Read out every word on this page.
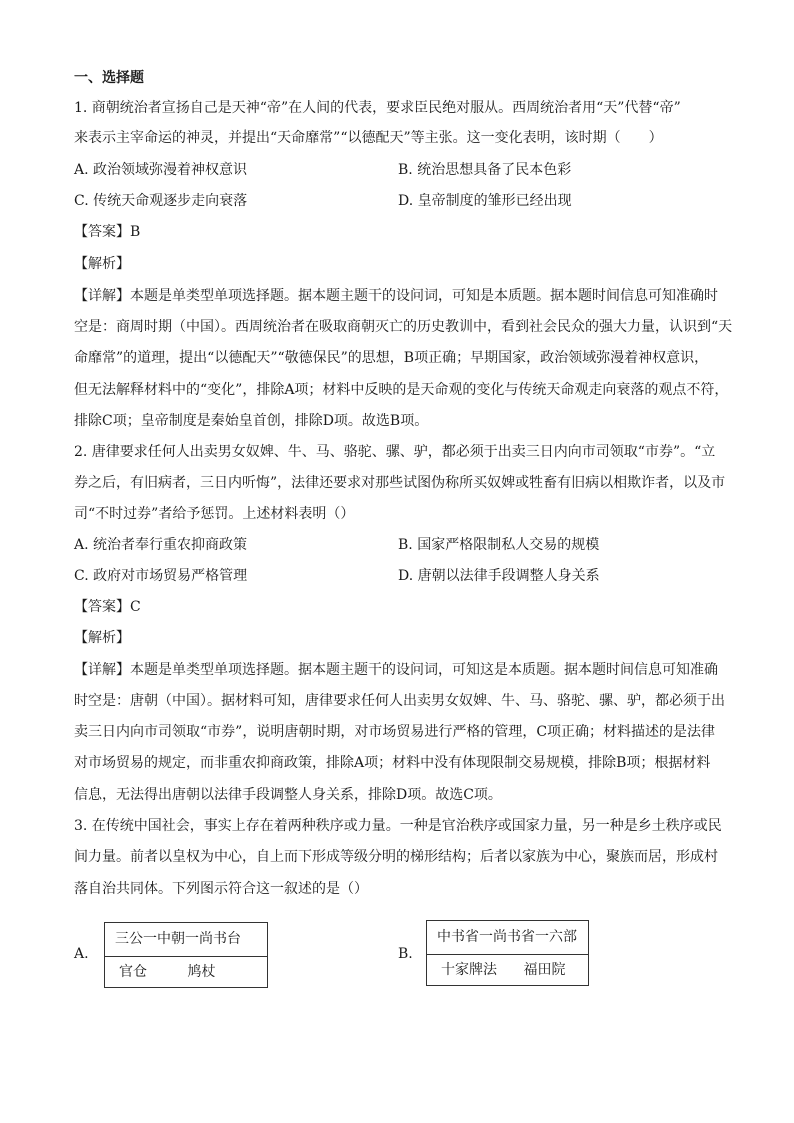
一、选择题
1. 商朝统治者宣扬自己是天神“帝”在人间的代表，要求臣民绝对服从。西周统治者用“天”代替“帝”
来表示主宰命运的神灵，并提出“天命靡常”“以德配天”等主张。这一变化表明，该时期（　　）
A. 政治领域弥漫着神权意识	B. 统治思想具备了民本色彩
C. 传统天命观逐步走向衰落	D. 皇帝制度的雏形已经出现
【答案】B
【解析】
【详解】本题是单类型单项选择题。据本题主题干的设问词，可知是本质题。据本题时间信息可知准确时
空是：商周时期（中国）。西周统治者在吸取商朝灭亡的历史教训中，看到社会民众的强大力量，认识到“天
命靡常”的道理，提出“以德配天”“敬德保民”的思想，B项正确；早期国家，政治领域弥漫着神权意识，
但无法解释材料中的“变化”，排除A项；材料中反映的是天命观的变化与传统天命观走向衰落的观点不符，
排除C项；皇帝制度是秦始皇首创，排除D项。故选B项。
2. 唐律要求任何人出卖男女奴婢、牛、马、骆驼、骡、驴，都必须于出卖三日内向市司领取“市券”。“立
券之后，有旧病者，三日内听悔”，法律还要求对那些试图伪称所买奴婢或牲畜有旧病以相欺诈者，以及市
司“不时过券”者给予惩罚。上述材料表明（）
A. 统治者奉行重农抑商政策	B. 国家严格限制私人交易的规模
C. 政府对市场贸易严格管理	D. 唐朝以法律手段调整人身关系
【答案】C
【解析】
【详解】本题是单类型单项选择题。据本题主题干的设问词，可知这是本质题。据本题时间信息可知准确
时空是：唐朝（中国）。据材料可知，唐律要求任何人出卖男女奴婢、牛、马、骆驼、骡、驴，都必须于出
卖三日内向市司领取“市券”，说明唐朝时期，对市场贸易进行严格的管理，C项正确；材料描述的是法律
对市场贸易的规定，而非重农抑商政策，排除A项；材料中没有体现限制交易规模，排除B项；根据材料
信息，无法得出唐朝以法律手段调整人身关系，排除D项。故选C项。
3. 在传统中国社会，事实上存在着两种秩序或力量。一种是官治秩序或国家力量，另一种是乡土秩序或民
间力量。前者以皇权为中心，自上而下形成等级分明的梯形结构；后者以家族为中心，聚族而居，形成村
落自治共同体。下列图示符合这一叙述的是（）
A.
三公一中朝一尚书台
官仓	鸠杖
B.
中书省一尚书省一六部
十家牌法 福田院
